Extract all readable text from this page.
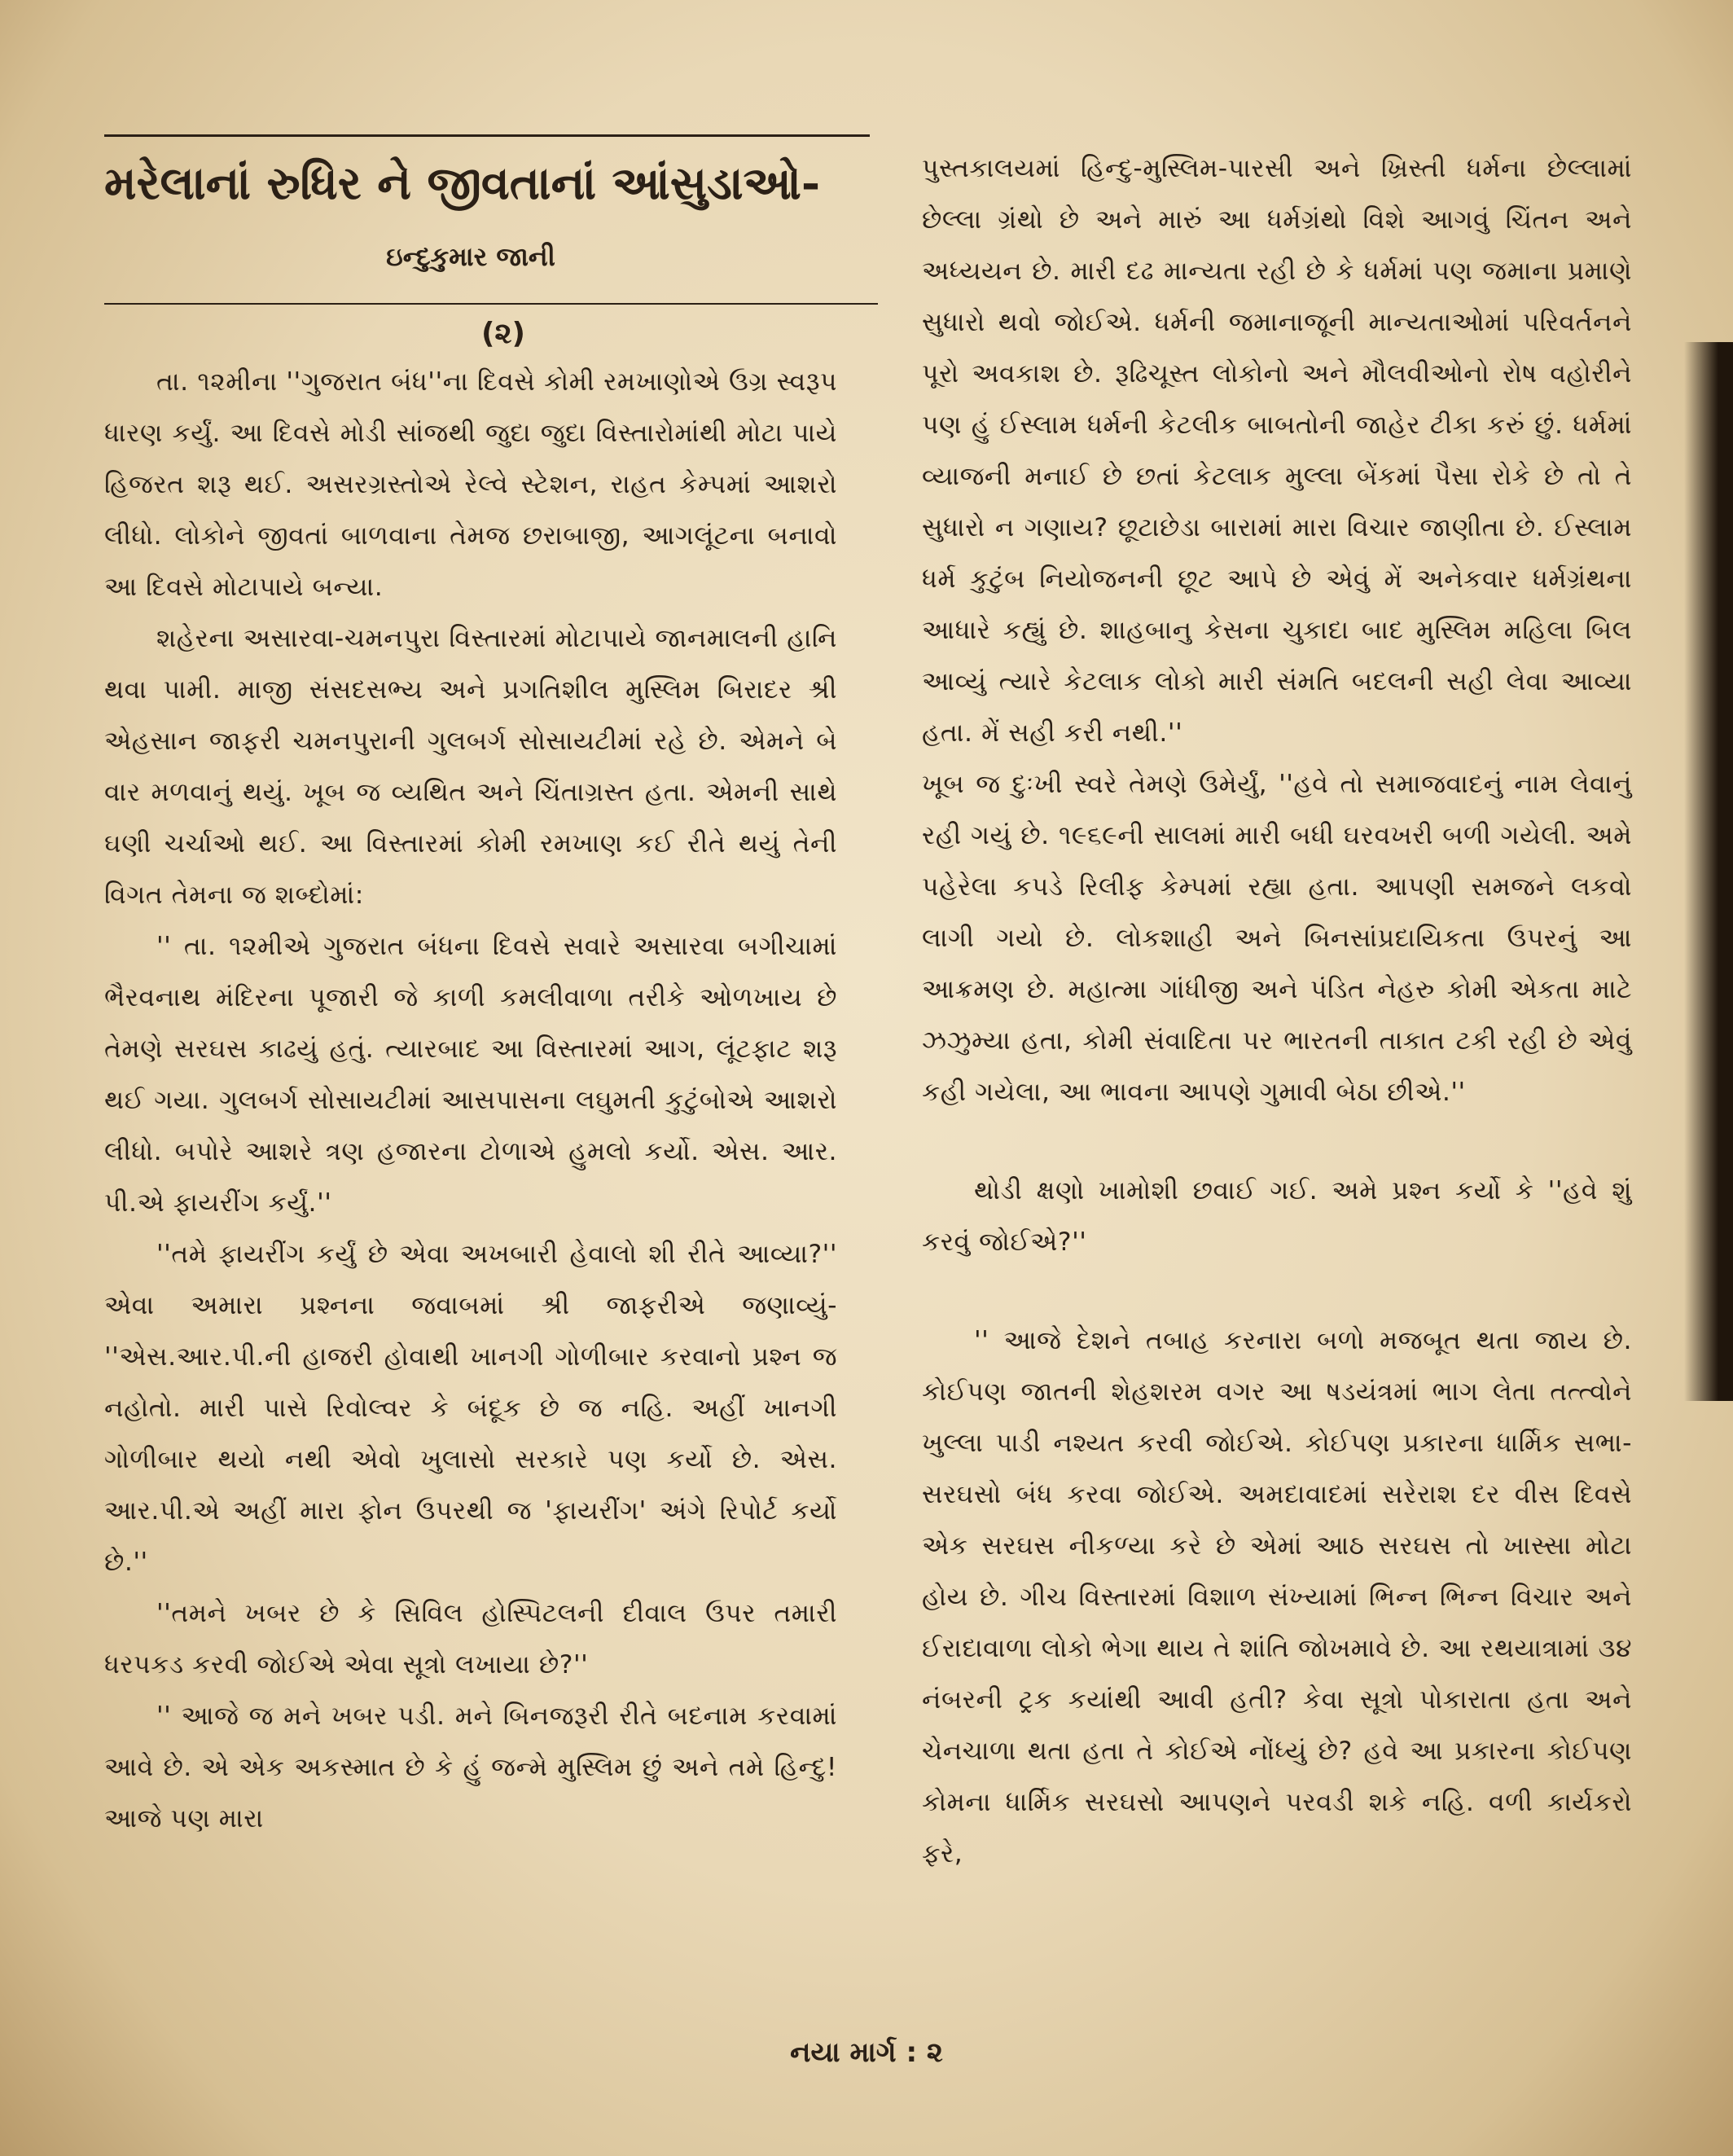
મરેલાનાં રુધિર ને જીવતાનાં આંસુડાઓ-
ઇન્દુકુમાર જાની
(૨)

તા. ૧૨મીના ''ગુજરાત બંધ''ના દિવસે કોમી રમખાણોએ ઉગ્ર સ્વરૂપ ધારણ કર્યું. આ દિવસે મોડી સાંજથી જુદા જુદા વિસ્તારોમાંથી મોટા પાયે હિજરત શરૂ થઈ. અસરગ્રસ્તોએ રેલ્વે સ્ટેશન, રાહત કેમ્પમાં આશરો લીધો. લોકોને જીવતાં બાળવાના તેમજ છરાબાજી, આગલૂંટના બનાવો આ દિવસે મોટાપાયે બન્યા.

શહેરના અસારવા-ચમનપુરા વિસ્તારમાં મોટાપાયે જાનમાલની હાનિ થવા પામી. માજી સંસદસભ્ય અને પ્રગતિશીલ મુસ્લિમ બિરાદર શ્રી એહસાન જાફરી ચમનપુરાની ગુલબર્ગ સોસાયટીમાં રહે છે. એમને બે વાર મળવાનું થયું. ખૂબ જ વ્યથિત અને ચિંતાગ્રસ્ત હતા. એમની સાથે ઘણી ચર્ચાઓ થઈ. આ વિસ્તારમાં કોમી રમખાણ કઈ રીતે થયું તેની વિગત તેમના જ શબ્દોમાં:

'' તા. ૧૨મીએ ગુજરાત બંધના દિવસે સવારે અસારવા બગીચામાં ભૈરવનાથ મંદિરના પૂજારી જે કાળી કમલીવાળા તરીકે ઓળખાય છે તેમણે સરઘસ કાઢયું હતું. ત્યારબાદ આ વિસ્તારમાં આગ, લૂંટફાટ શરૂ થઈ ગયા. ગુલબર્ગ સોસાયટીમાં આસપાસના લઘુમતી કુટુંબોએ આશરો લીધો. બપોરે આશરે ત્રણ હજારના ટોળાએ હુમલો કર્યો. એસ. આર. પી.એ ફાયરીંગ કર્યું.''

''તમે ફાયરીંગ કર્યું છે એવા અખબારી હેવાલો શી રીતે આવ્યા?'' એવા અમારા પ્રશ્નના જવાબમાં શ્રી જાફરીએ જણાવ્યું-''એસ.આર.પી.ની હાજરી હોવાથી ખાનગી ગોળીબાર કરવાનો પ્રશ્ન જ નહોતો. મારી પાસે રિવોલ્વર કે બંદૂક છે જ નહિ. અહીં ખાનગી ગોળીબાર થયો નથી એવો ખુલાસો સરકારે પણ કર્યો છે. એસ. આર.પી.એ અહીં મારા ફોન ઉપરથી જ 'ફાયરીંગ' અંગે રિપોર્ટ કર્યો છે.''

''તમને ખબર છે કે સિવિલ હોસ્પિટલની દીવાલ ઉપર તમારી ધરપકડ કરવી જોઈએ એવા સૂત્રો લખાયા છે?''

'' આજે જ મને ખબર પડી. મને બિનજરૂરી રીતે બદનામ કરવામાં આવે છે. એ એક અકસ્માત છે કે હું જન્મે મુસ્લિમ છું અને તમે હિન્દુ! આજે પણ મારા

પુસ્તકાલયમાં હિન્દુ-મુસ્લિમ-પારસી અને ખ્રિસ્તી ધર્મના છેલ્લામાં છેલ્લા ગ્રંથો છે અને મારું આ ધર્મગ્રંથો વિશે આગવું ચિંતન અને અધ્યયન છે. મારી દઢ માન્યતા રહી છે કે ધર્મમાં પણ જમાના પ્રમાણે સુધારો થવો જોઈએ. ધર્મની જમાનાજૂની માન્યતાઓમાં પરિવર્તનને પૂરો અવકાશ છે. રૂઢિચૂસ્ત લોકોનો અને મૌલવીઓનો રોષ વહોરીને પણ હું ઈસ્લામ ધર્મની કેટલીક બાબતોની જાહેર ટીકા કરું છું. ધર્મમાં વ્યાજની મનાઈ છે છતાં કેટલાક મુલ્લા બેંકમાં પૈસા રોકે છે તો તે સુધારો ન ગણાય? છૂટાછેડા બારામાં મારા વિચાર જાણીતા છે. ઈસ્લામ ધર્મ કુટુંબ નિયોજનની છૂટ આપે છે એવું મેં અનેકવાર ધર્મગ્રંથના આધારે કહ્યું છે. શાહબાનુ કેસના ચુકાદા બાદ મુસ્લિમ મહિલા બિલ આવ્યું ત્યારે કેટલાક લોકો મારી સંમતિ બદલની સહી લેવા આવ્યા હતા. મેં સહી કરી નથી.''

ખૂબ જ દુઃખી સ્વરે તેમણે ઉમેર્યું, ''હવે તો સમાજવાદનું નામ લેવાનું રહી ગયું છે. ૧૯૬૯ની સાલમાં મારી બધી ઘરવખરી બળી ગયેલી. અમે પહેરેલા કપડે રિલીફ કેમ્પમાં રહ્યા હતા. આપણી સમજને લકવો લાગી ગયો છે. લોકશાહી અને બિનસાંપ્રદાયિકતા ઉપરનું આ આક્રમણ છે. મહાત્મા ગાંધીજી અને પંડિત નેહરુ કોમી એકતા માટે ઝઝુમ્યા હતા, કોમી સંવાદિતા પર ભારતની તાકાત ટકી રહી છે એવું કહી ગયેલા, આ ભાવના આપણે ગુમાવી બેઠા છીએ.''

થોડી ક્ષણો ખામોશી છવાઈ ગઈ. અમે પ્રશ્ન કર્યો કે ''હવે શું કરવું જોઈએ?''

'' આજે દેશને તબાહ કરનારા બળો મજબૂત થતા જાય છે. કોઈપણ જાતની શેહશરમ વગર આ ષડયંત્રમાં ભાગ લેતા તત્ત્વોને ખુલ્લા પાડી નશ્યત કરવી જોઈએ. કોઈપણ પ્રકારના ધાર્મિક સભા-સરઘસો બંધ કરવા જોઈએ. અમદાવાદમાં સરેરાશ દર વીસ દિવસે એક સરઘસ નીકળ્યા કરે છે એમાં આઠ સરઘસ તો ખાસ્સા મોટા હોય છે. ગીચ વિસ્તારમાં વિશાળ સંખ્યામાં ભિન્ન ભિન્ન વિચાર અને ઈરાદાવાળા લોકો ભેગા થાય તે શાંતિ જોખમાવે છે. આ રથયાત્રામાં ૩૪ નંબરની ટ્રક કયાંથી આવી હતી? કેવા સૂત્રો પોકારાતા હતા અને ચેનચાળા થતા હતા તે કોઈએ નોંધ્યું છે? હવે આ પ્રકારના કોઈપણ કોમના ધાર્મિક સરઘસો આપણને પરવડી શકે નહિ. વળી કાર્યકરો ફરે,

નયા માર્ગ : ૨
